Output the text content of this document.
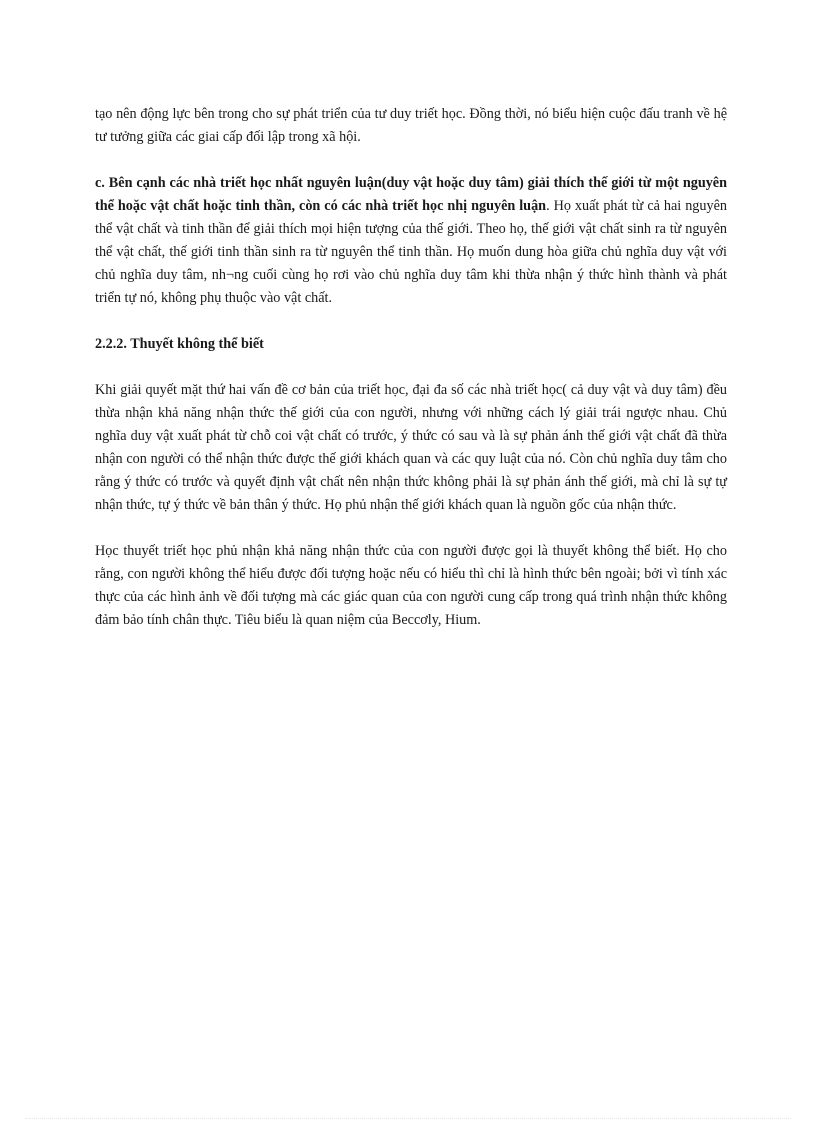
tạo nên động lực bên trong cho sự phát triển của tư duy triết học. Đồng thời, nó biểu hiện cuộc đấu tranh về hệ tư tưởng giữa các giai cấp đối lập trong xã hội.

c. Bên cạnh các nhà triết học nhất nguyên luận(duy vật hoặc duy tâm) giải thích thế giới từ một nguyên thể hoặc vật chất hoặc tinh thần, còn có các nhà triết học nhị nguyên luận. Họ xuất phát từ cả hai nguyên thể vật chất và tinh thần để giải thích mọi hiện tượng của thế giới. Theo họ, thế giới vật chất sinh ra từ nguyên thể vật chất, thế giới tinh thần sinh ra từ nguyên thể tinh thần. Họ muốn dung hòa giữa chủ nghĩa duy vật với chủ nghĩa duy tâm, nh¬ng cuối cùng họ rơi vào chủ nghĩa duy tâm khi thừa nhận ý thức hình thành và phát triển tự nó, không phụ thuộc vào vật chất.

2.2.2. Thuyết không thể biết

Khi giải quyết mặt thứ hai vấn đề cơ bản của triết học, đại đa số các nhà triết học( cả duy vật và duy tâm) đều thừa nhận khả năng nhận thức thế giới của con người, nhưng với những cách lý giải trái ngược nhau. Chủ nghĩa duy vật xuất phát từ chỗ coi vật chất có trước, ý thức có sau và là sự phản ánh thế giới vật chất đã thừa nhận con người có thể nhận thức được thế giới khách quan và các quy luật của nó. Còn chủ nghĩa duy tâm cho rằng ý thức có trước và quyết định vật chất nên nhận thức không phải là sự phản ánh thế giới, mà chỉ là sự tự nhận thức, tự ý thức về bản thân ý thức. Họ phủ nhận thế giới khách quan là nguồn gốc của nhận thức.

Học thuyết triết học phủ nhận khả năng nhận thức của con người được gọi là thuyết không thể biết. Họ cho rằng, con người không thể hiểu được đối tượng hoặc nếu có hiểu thì chỉ là hình thức bên ngoài; bởi vì tính xác thực của các hình ảnh về đối tượng mà các giác quan của con người cung cấp trong quá trình nhận thức không đảm bảo tính chân thực. Tiêu biểu là quan niệm của Beccơly, Hium.
